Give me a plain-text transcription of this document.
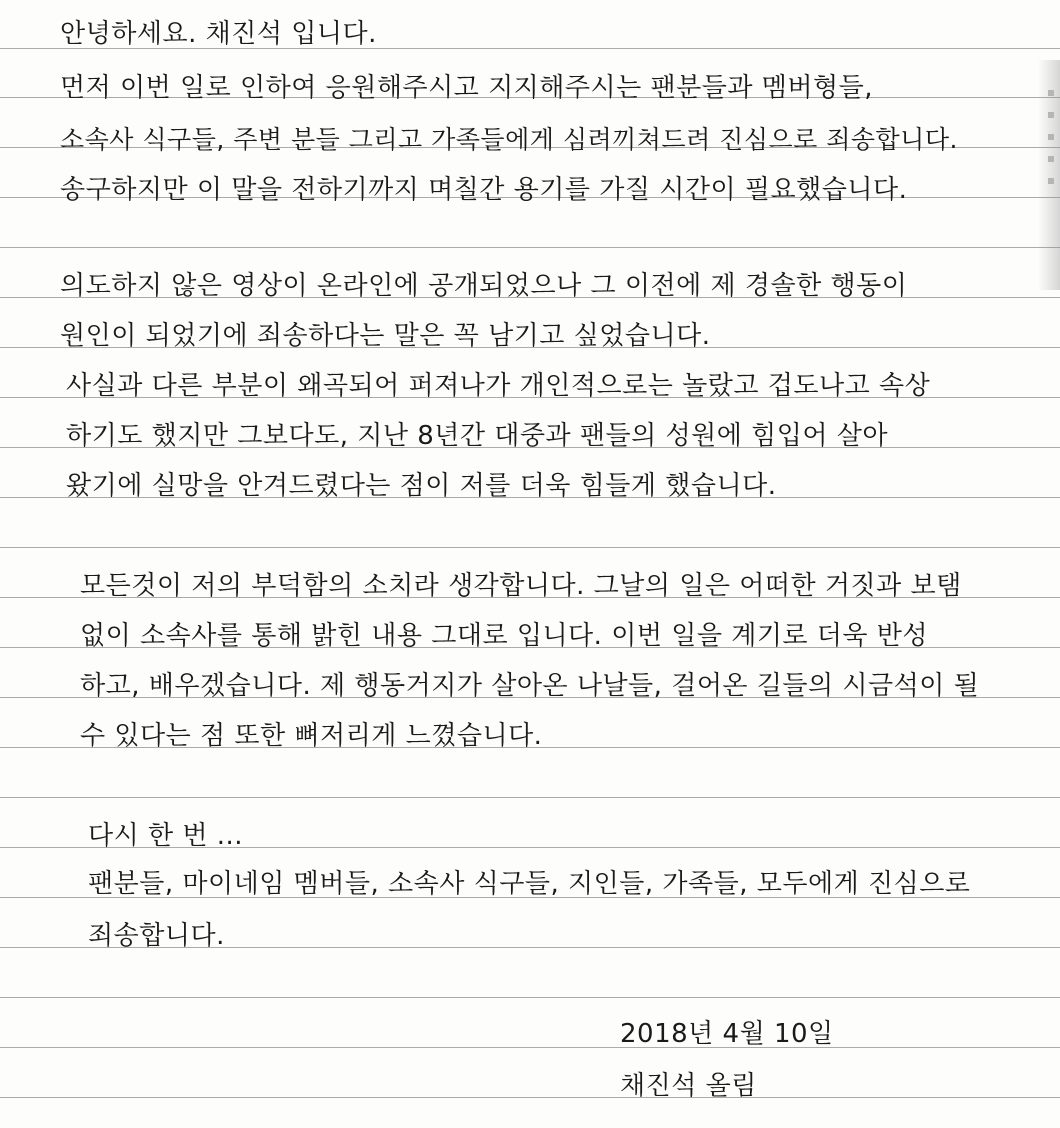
안녕하세요. 채진석 입니다.
먼저 이번 일로 인하여 응원해주시고 지지해주시는 팬분들과 멤버형들,
소속사 식구들, 주변 분들 그리고 가족들에게 심려끼쳐드려 진심으로 죄송합니다.
송구하지만 이 말을 전하기까지 며칠간 용기를 가질 시간이 필요했습니다.
의도하지 않은 영상이 온라인에 공개되었으나 그 이전에 제 경솔한 행동이
원인이 되었기에 죄송하다는 말은 꼭 남기고 싶었습니다.
사실과 다른 부분이 왜곡되어 퍼져나가 개인적으로는 놀랐고 겁도나고 속상
하기도 했지만 그보다도, 지난 8년간 대중과 팬들의 성원에 힘입어 살아
왔기에 실망을 안겨드렸다는 점이 저를 더욱 힘들게 했습니다.
모든것이 저의 부덕함의 소치라 생각합니다. 그날의 일은 어떠한 거짓과 보탬
없이 소속사를 통해 밝힌 내용 그대로 입니다. 이번 일을 계기로 더욱 반성
하고, 배우겠습니다. 제 행동거지가 살아온 나날들, 걸어온 길들의 시금석이 될
수 있다는 점 또한 뼈저리게 느꼈습니다.
다시 한 번 ...
팬분들, 마이네임 멤버들, 소속사 식구들, 지인들, 가족들, 모두에게 진심으로
죄송합니다.
2018년 4월 10일
채진석 올림
